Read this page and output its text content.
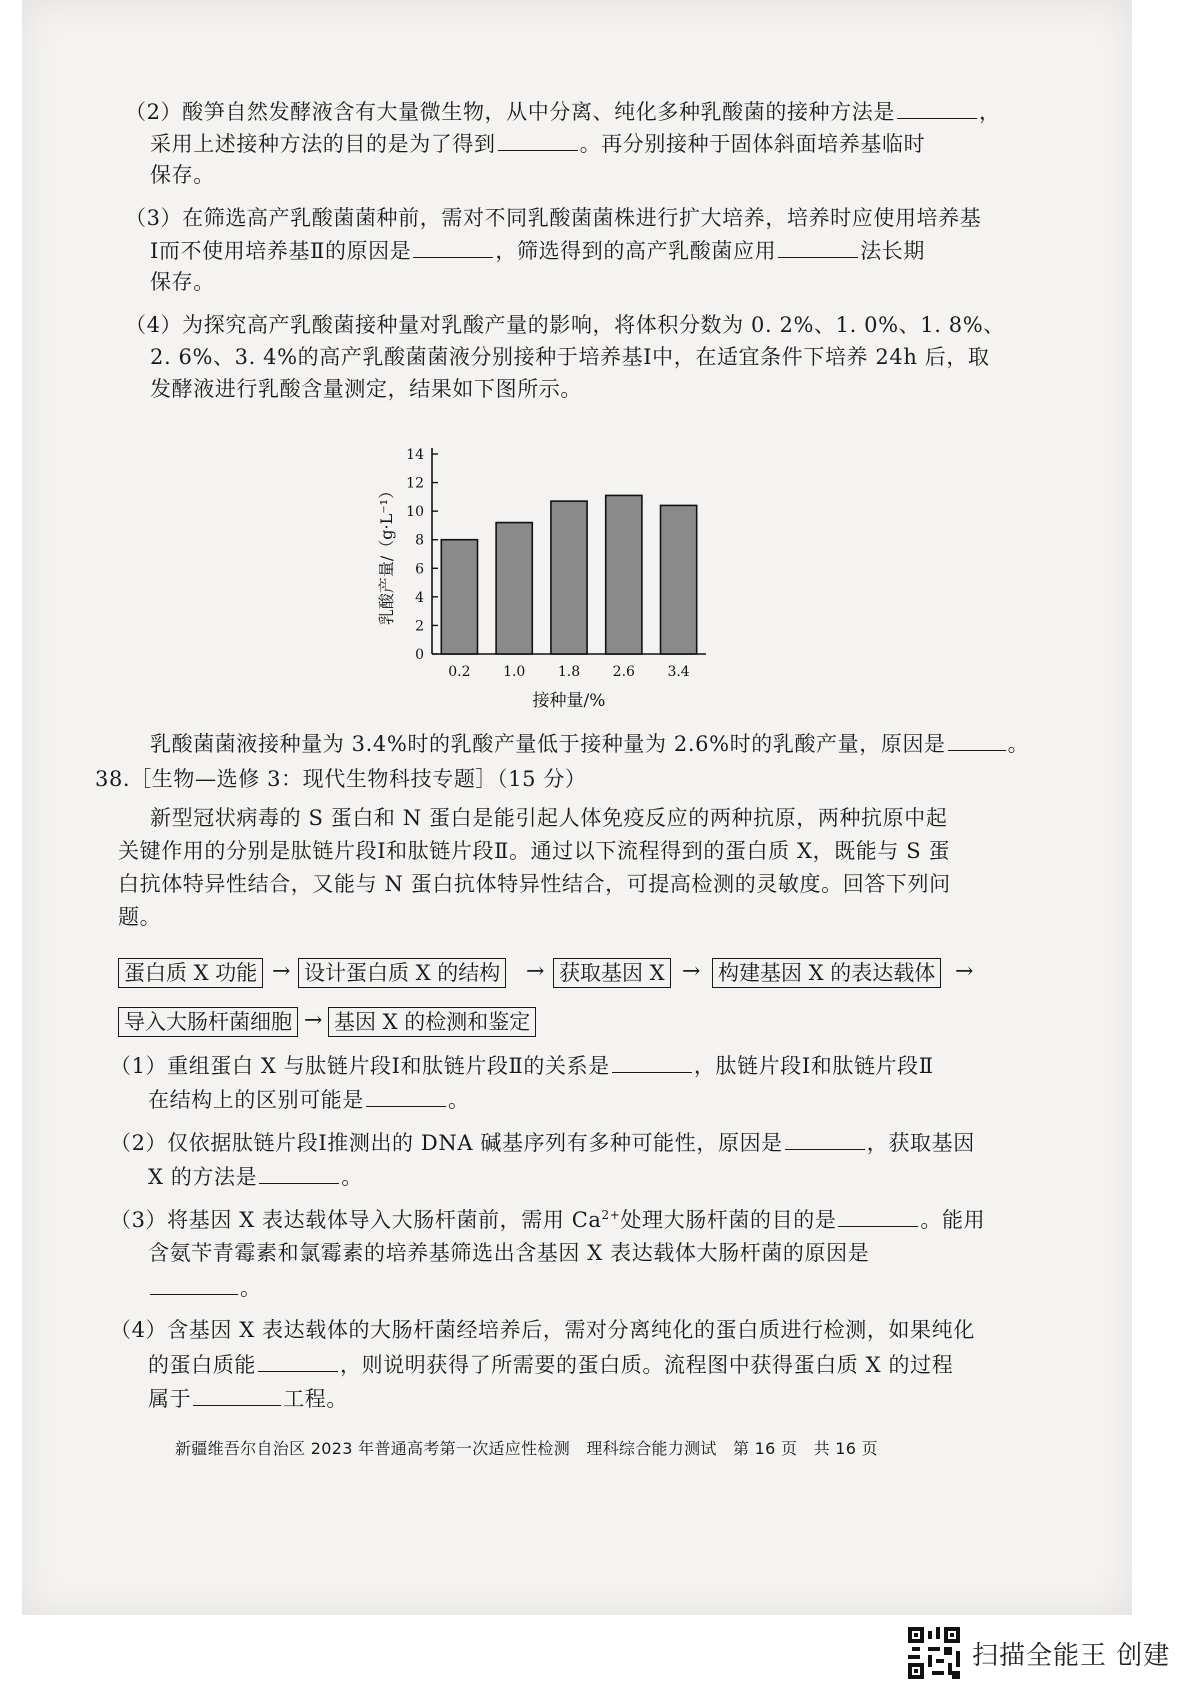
（2）酸笋自然发酵液含有大量微生物，从中分离、纯化多种乳酸菌的接种方法是	，
采用上述接种方法的目的是为了得到	。再分别接种于固体斜面培养基临时
保存。
（3）在筛选高产乳酸菌菌种前，需对不同乳酸菌菌株进行扩大培养，培养时应使用培养基
Ⅰ而不使用培养基Ⅱ的原因是	，筛选得到的高产乳酸菌应用	法长期
保存。
（4）为探究高产乳酸菌接种量对乳酸产量的影响，将体积分数为 0. 2%、1. 0%、1. 8%、
2. 6%、3. 4%的高产乳酸菌菌液分别接种于培养基Ⅰ中，在适宜条件下培养 24h 后，取
发酵液进行乳酸含量测定，结果如下图所示。
0
2
4
6
8
10
12
14
0.2 1.0 1.8 2.6 3.4
接种量/%
乳酸产量/（g·L⁻¹）
乳酸菌菌液接种量为 3.4%时的乳酸产量低于接种量为 2.6%时的乳酸产量，原因是	。
38.［生物—选修 3：现代生物科技专题］（15 分）
新型冠状病毒的 S 蛋白和 N 蛋白是能引起人体免疫反应的两种抗原，两种抗原中起
关键作用的分别是肽链片段Ⅰ和肽链片段Ⅱ。通过以下流程得到的蛋白质 X，既能与 S 蛋
白抗体特异性结合，又能与 N 蛋白抗体特异性结合，可提高检测的灵敏度。回答下列问
题。
蛋白质 X 功能 → 设计蛋白质 X 的结构 → 获取基因 X → 构建基因 X 的表达载体 →
导入大肠杆菌细胞 → 基因 X 的检测和鉴定
（1）重组蛋白 X 与肽链片段Ⅰ和肽链片段Ⅱ的关系是	，肽链片段Ⅰ和肽链片段Ⅱ
在结构上的区别可能是	。
（2）仅依据肽链片段Ⅰ推测出的 DNA 碱基序列有多种可能性，原因是	，获取基因
X 的方法是	。
（3）将基因 X 表达载体导入大肠杆菌前，需用 $Ca^{2+}$处理大肠杆菌的目的是	。能用
含氨苄青霉素和氯霉素的培养基筛选出含基因 X 表达载体大肠杆菌的原因是
。
（4）含基因 X 表达载体的大肠杆菌经培养后，需对分离纯化的蛋白质进行检测，如果纯化
的蛋白质能	，则说明获得了所需要的蛋白质。流程图中获得蛋白质 X 的过程
属于	工程。
新疆维吾尔自治区 2023 年普通高考第一次适应性检测　理科综合能力测试　第 16 页　共 16 页
扫描全能王 创建
